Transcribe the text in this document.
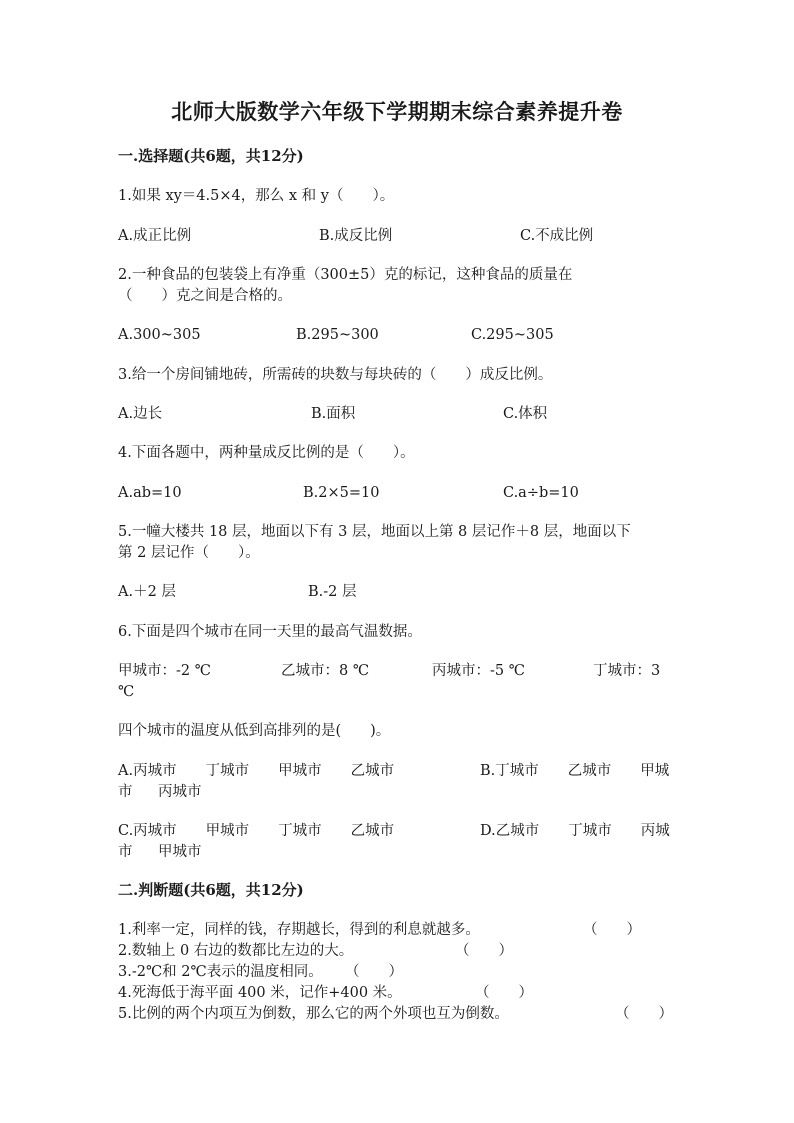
北师大版数学六年级下学期期末综合素养提升卷
一.选择题(共6题，共12分)
1.如果 xy＝4.5×4，那么 x 和 y（　　）。
A.成正比例	B.成反比例	C.不成比例
2.一种食品的包装袋上有净重（300±5）克的标记，这种食品的质量在
（　　）克之间是合格的。
A.300~305	B.295~300	C.295~305
3.给一个房间铺地砖，所需砖的块数与每块砖的（　　）成反比例。
A.边长	B.面积	C.体积
4.下面各题中，两种量成反比例的是（　　）。
A.ab=10	B.2×5=10	C.a÷b=10
5.一幢大楼共 18 层，地面以下有 3 层，地面以上第 8 层记作＋8 层，地面以下
第 2 层记作（　　）。
A.＋2 层	B.-2 层
6.下面是四个城市在同一天里的最高气温数据。
甲城市：-2 ℃	乙城市：8 ℃	丙城市：-5 ℃	丁城市：3
℃
四个城市的温度从低到高排列的是(　　)。
A.丙城市　　丁城市　　甲城市　　乙城市	B.丁城市　　乙城市　　甲城
市 丙城市
C.丙城市　　甲城市　　丁城市　　乙城市	D.乙城市　　丁城市　　丙城
市 甲城市
二.判断题(共6题，共12分)
1.利率一定，同样的钱，存期越长，得到的利息就越多。	（　　）
2.数轴上 0 右边的数都比左边的大。	（　　）
3.-2℃和 2℃表示的温度相同。 （　　）
4.死海低于海平面 400 米，记作+400 米。	（　　）
5.比例的两个内项互为倒数，那么它的两个外项也互为倒数。	（　　）
